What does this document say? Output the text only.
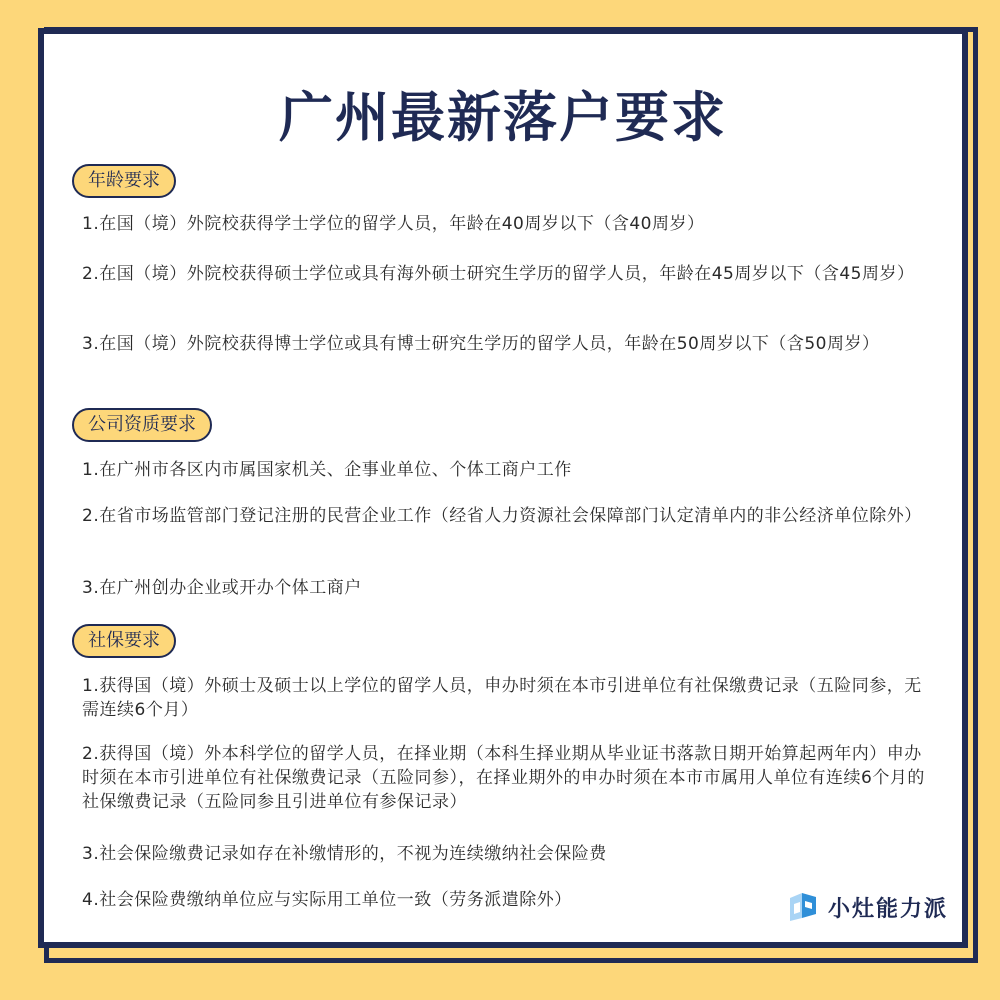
广州最新落户要求
年龄要求
1.在国（境）外院校获得学士学位的留学人员，年龄在40周岁以下（含40周岁）
2.在国（境）外院校获得硕士学位或具有海外硕士研究生学历的留学人员，年龄在45周岁以下（含45周岁）
3.在国（境）外院校获得博士学位或具有博士研究生学历的留学人员，年龄在50周岁以下（含50周岁）
公司资质要求
1.在广州市各区内市属国家机关、企事业单位、个体工商户工作
2.在省市场监管部门登记注册的民营企业工作（经省人力资源社会保障部门认定清单内的非公经济单位除外）
3.在广州创办企业或开办个体工商户
社保要求
1.获得国（境）外硕士及硕士以上学位的留学人员，申办时须在本市引进单位有社保缴费记录（五险同参，无需连续6个月）
2.获得国（境）外本科学位的留学人员，在择业期（本科生择业期从毕业证书落款日期开始算起两年内）申办时须在本市引进单位有社保缴费记录（五险同参），在择业期外的申办时须在本市市属用人单位有连续6个月的社保缴费记录（五险同参且引进单位有参保记录）
3.社会保险缴费记录如存在补缴情形的，不视为连续缴纳社会保险费
4.社会保险费缴纳单位应与实际用工单位一致（劳务派遣除外）	小灶能力派
